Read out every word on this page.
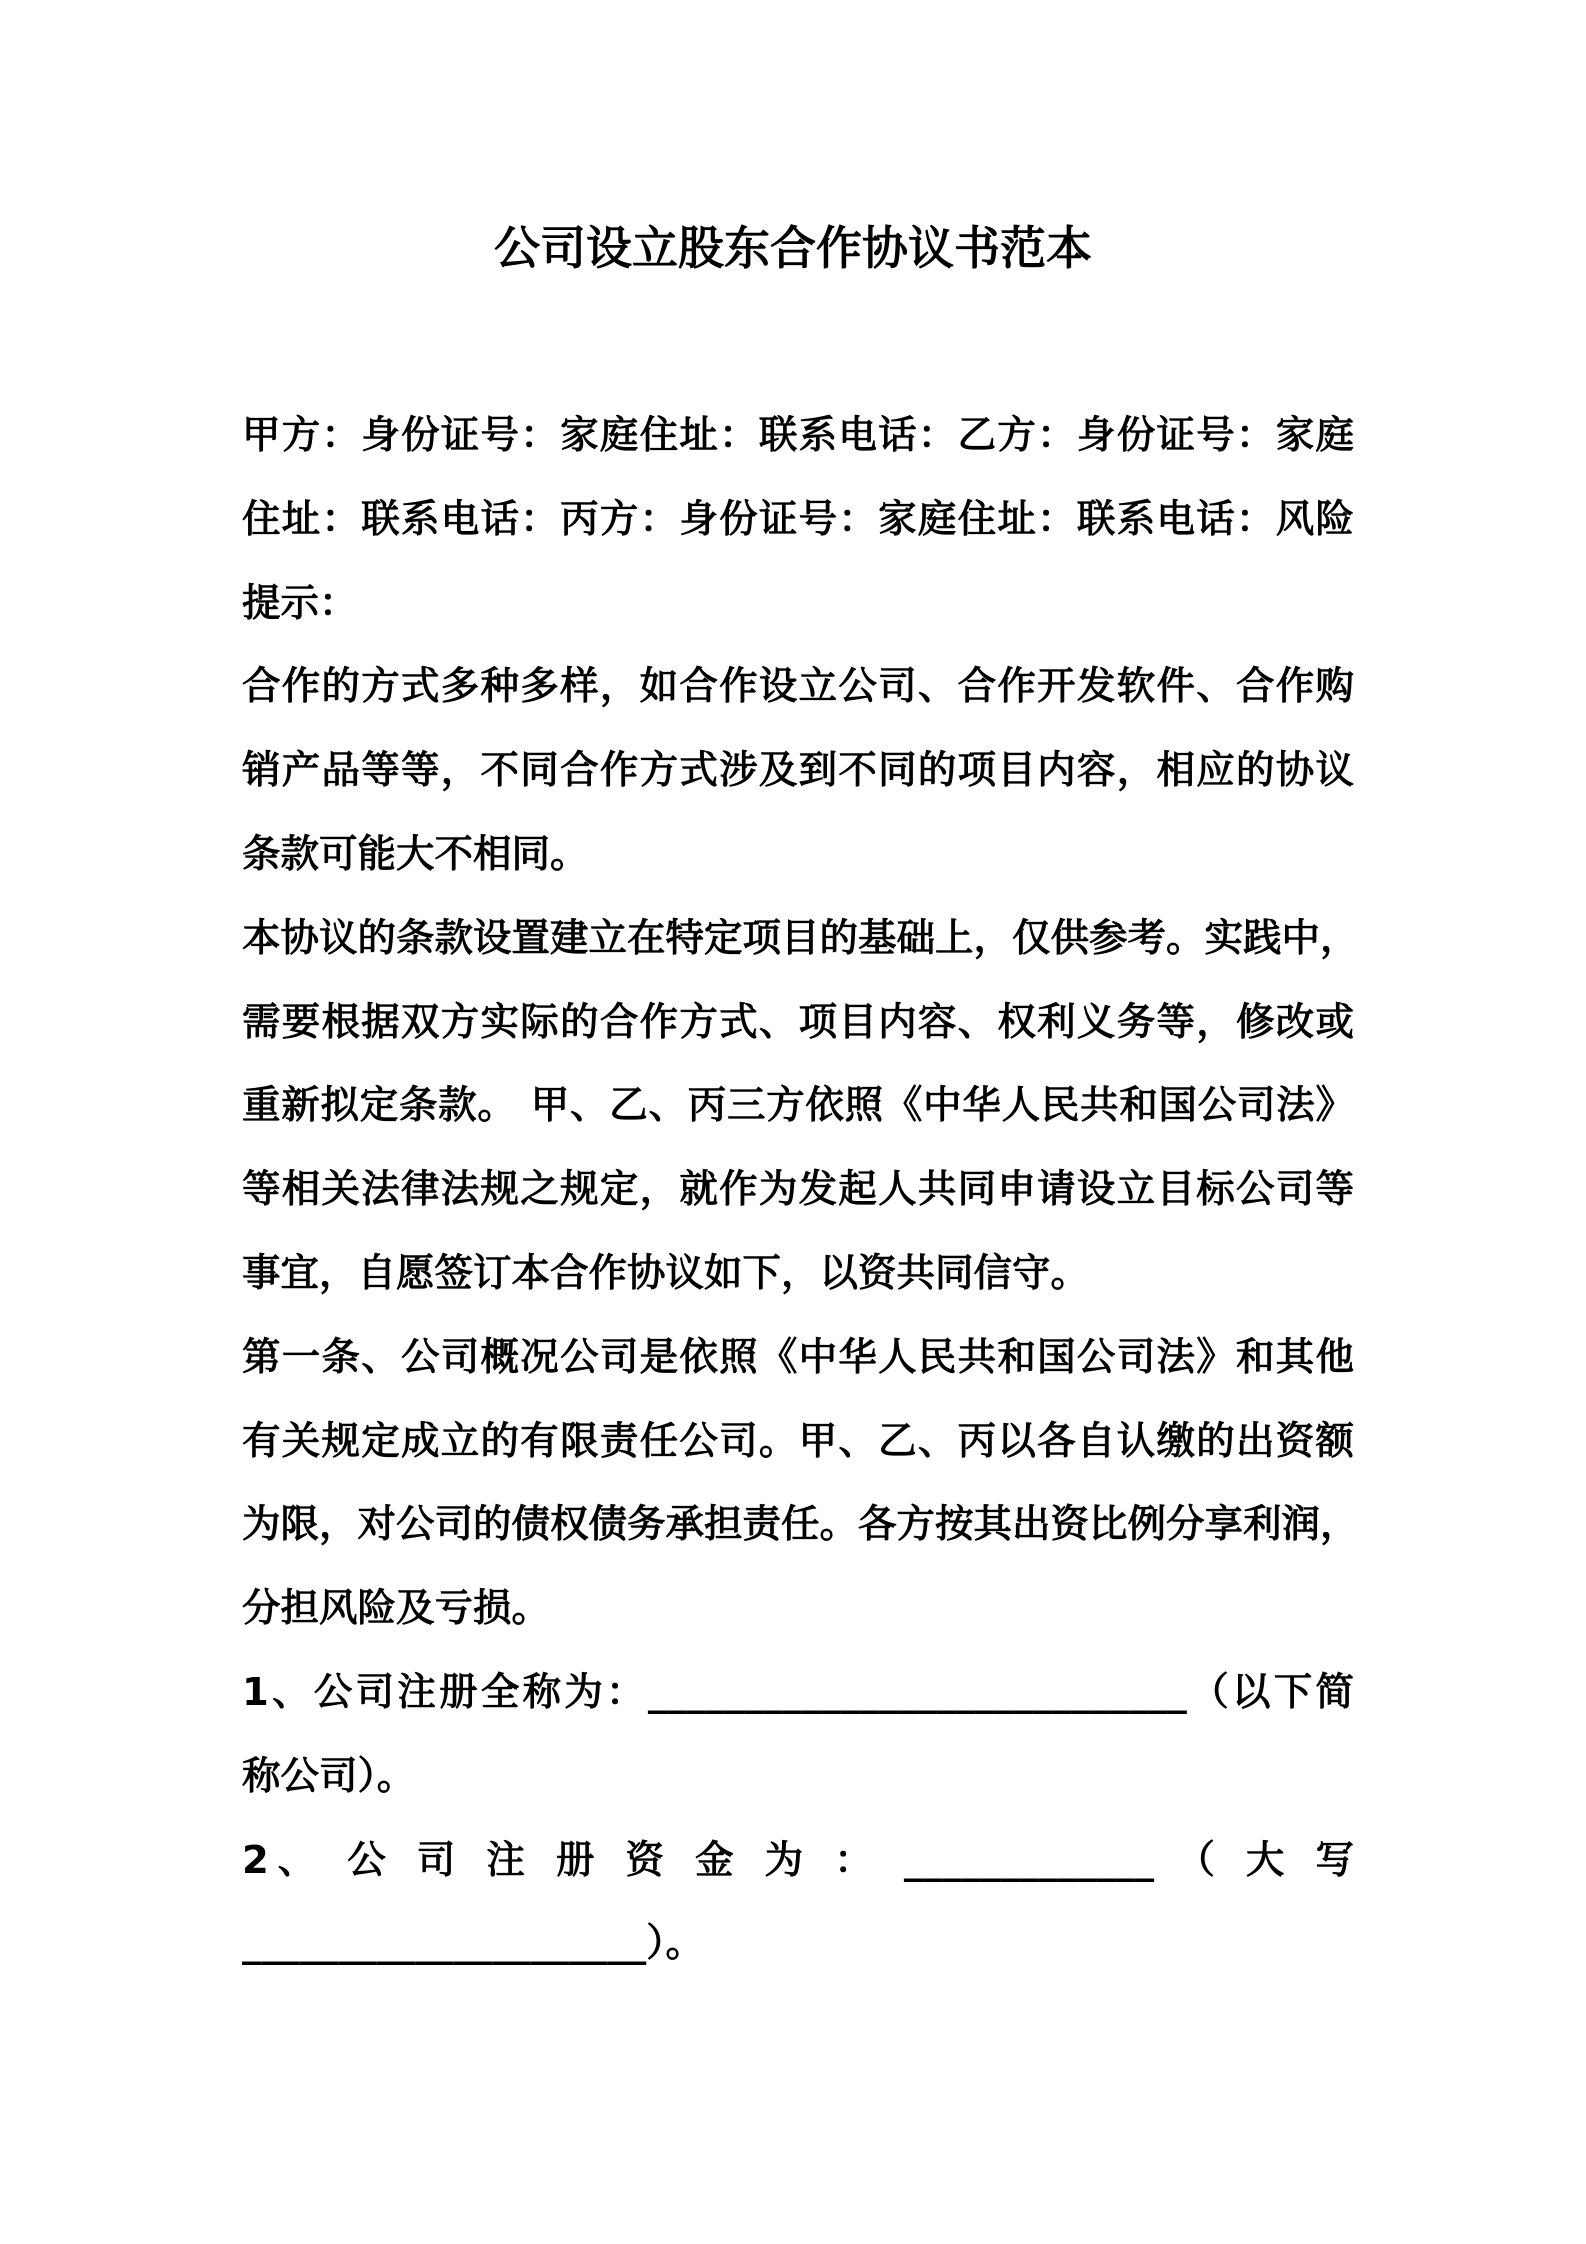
公司设立股东合作协议书范本
甲方：身份证号：家庭住址：联系电话：乙方：身份证号：家庭
住址：联系电话：丙方：身份证号：家庭住址：联系电话：风险
提示：
合作的方式多种多样，如合作设立公司、合作开发软件、合作购
销产品等等，不同合作方式涉及到不同的项目内容，相应的协议
条款可能大不相同。
本协议的条款设置建立在特定项目的基础上，仅供参考。实践中，
需要根据双方实际的合作方式、项目内容、权利义务等，修改或
重新拟定条款。 甲、乙、丙三方依照《中华人民共和国公司法》
等相关法律法规之规定，就作为发起人共同申请设立目标公司等
事宜，自愿签订本合作协议如下，以资共同信守。
第一条、公司概况公司是依照《中华人民共和国公司法》和其他
有关规定成立的有限责任公司。甲、乙、丙以各自认缴的出资额
为限，对公司的债权债务承担责任。各方按其出资比例分享利润，
分担风险及亏损。
1、公司注册全称为：____________________________（以下简
称公司）。
2、 公 司 注 册 资 金 为 ： _____________ （ 大 写
_____________________）。
